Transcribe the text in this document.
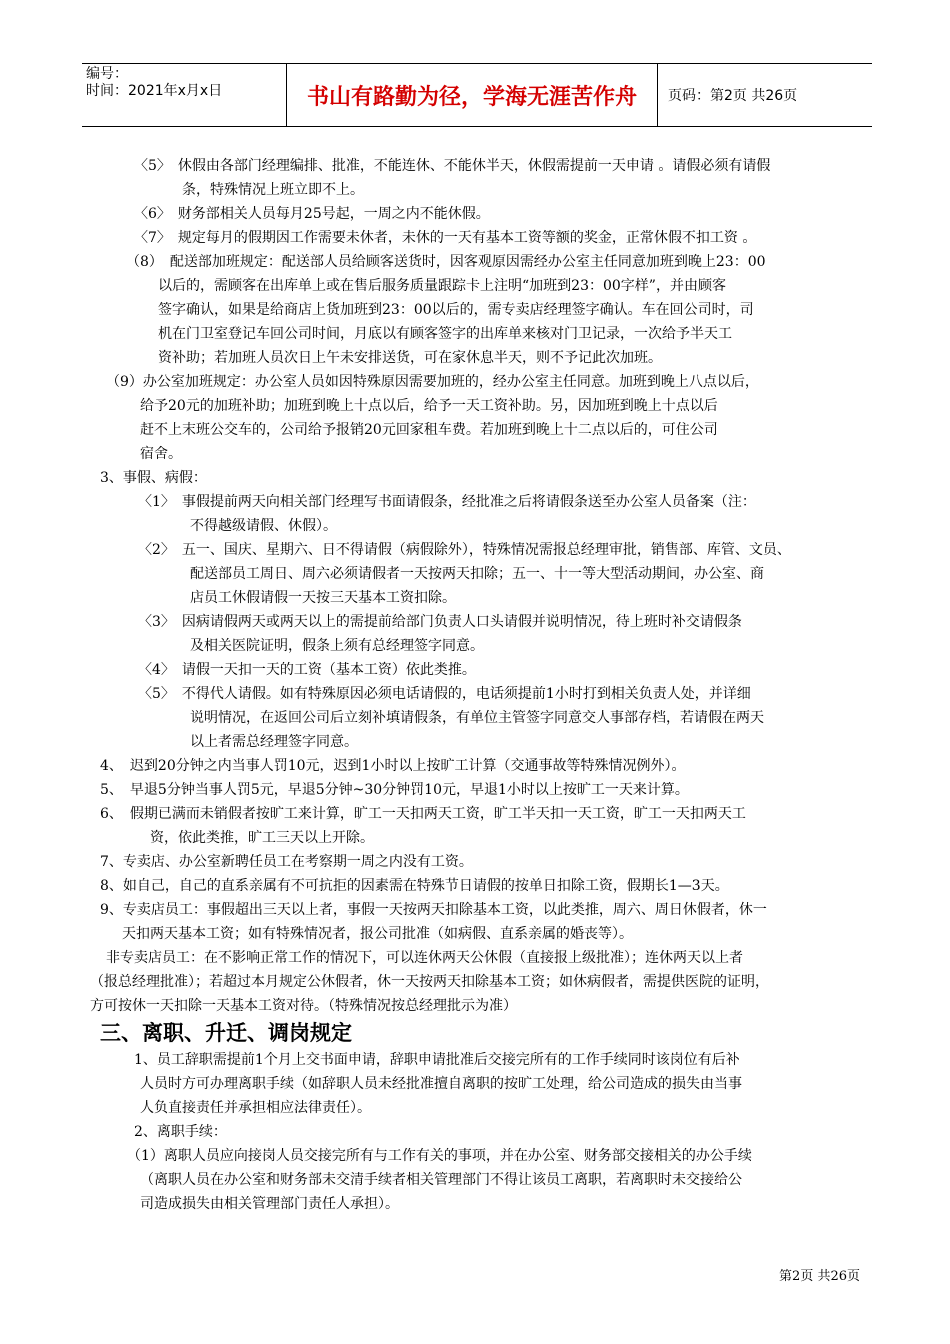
编号：
时间：2021年x月x日	书山有路勤为径，学海无涯苦作舟	页码：第2页 共26页
〈5〉　休假由各部门经理编排、批准，不能连休、不能休半天，休假需提前一天申请 。请假必须有请假
条，特殊情况上班立即不上。
〈6〉　财务部相关人员每月25号起，一周之内不能休假。
〈7〉　规定每月的假期因工作需要未休者，未休的一天有基本工资等额的奖金，正常休假不扣工资 。
（8）　配送部加班规定：配送部人员给顾客送货时，因客观原因需经办公室主任同意加班到晚上23：00
以后的，需顾客在出库单上或在售后服务质量跟踪卡上注明“加班到23：00字样”，并由顾客
签字确认，如果是给商店上货加班到23：00以后的，需专卖店经理签字确认。车在回公司时，司
机在门卫室登记车回公司时间，月底以有顾客签字的出库单来核对门卫记录，一次给予半天工
资补助；若加班人员次日上午未安排送货，可在家休息半天，则不予记此次加班。
（9）办公室加班规定：办公室人员如因特殊原因需要加班的，经办公室主任同意。加班到晚上八点以后，
给予20元的加班补助；加班到晚上十点以后，给予一天工资补助。另，因加班到晚上十点以后
赶不上末班公交车的，公司给予报销20元回家租车费。若加班到晚上十二点以后的，可住公司
宿舍。
3、事假、病假：
〈1〉　事假提前两天向相关部门经理写书面请假条，经批准之后将请假条送至办公室人员备案（注：
不得越级请假、休假）。
〈2〉　五一、国庆、星期六、日不得请假（病假除外），特殊情况需报总经理审批，销售部、库管、文员、
配送部员工周日、周六必须请假者一天按两天扣除；五一、十一等大型活动期间，办公室、商
店员工休假请假一天按三天基本工资扣除。
〈3〉　因病请假两天或两天以上的需提前给部门负责人口头请假并说明情况，待上班时补交请假条
及相关医院证明，假条上须有总经理签字同意。
〈4〉　请假一天扣一天的工资（基本工资）依此类推。
〈5〉　不得代人请假。如有特殊原因必须电话请假的，电话须提前1小时打到相关负责人处，并详细
说明情况，在返回公司后立刻补填请假条，有单位主管签字同意交人事部存档，若请假在两天
以上者需总经理签字同意。
4、　迟到20分钟之内当事人罚10元，迟到1小时以上按旷工计算（交通事故等特殊情况例外）。
5、　早退5分钟当事人罚5元，早退5分钟~30分钟罚10元，早退1小时以上按旷工一天来计算。
6、　假期已满而未销假者按旷工来计算，旷工一天扣两天工资，旷工半天扣一天工资，旷工一天扣两天工
　　资，依此类推，旷工三天以上开除。
7、专卖店、办公室新聘任员工在考察期一周之内没有工资。
8、如自己，自己的直系亲属有不可抗拒的因素需在特殊节日请假的按单日扣除工资，假期长1—3天。
9、专卖店员工：事假超出三天以上者，事假一天按两天扣除基本工资，以此类推，周六、周日休假者，休一
天扣两天基本工资；如有特殊情况者，报公司批准（如病假、直系亲属的婚丧等）。
非专卖店员工：在不影响正常工作的情况下，可以连休两天公休假（直接报上级批准）；连休两天以上者
（报总经理批准）；若超过本月规定公休假者，休一天按两天扣除基本工资；如休病假者，需提供医院的证明，
方可按休一天扣除一天基本工资对待。（特殊情况按总经理批示为准）
三、离职、升迁、调岗规定
　　1、员工辞职需提前1个月上交书面申请，辞职申请批准后交接完所有的工作手续同时该岗位有后补
人员时方可办理离职手续（如辞职人员未经批准擅自离职的按旷工处理，给公司造成的损失由当事
人负直接责任并承担相应法律责任）。
　　2、离职手续：
　　（1）离职人员应向接岗人员交接完所有与工作有关的事项，并在办公室、财务部交接相关的办公手续
（离职人员在办公室和财务部未交清手续者相关管理部门不得让该员工离职，若离职时未交接给公
司造成损失由相关管理部门责任人承担）。
第2页 共26页
